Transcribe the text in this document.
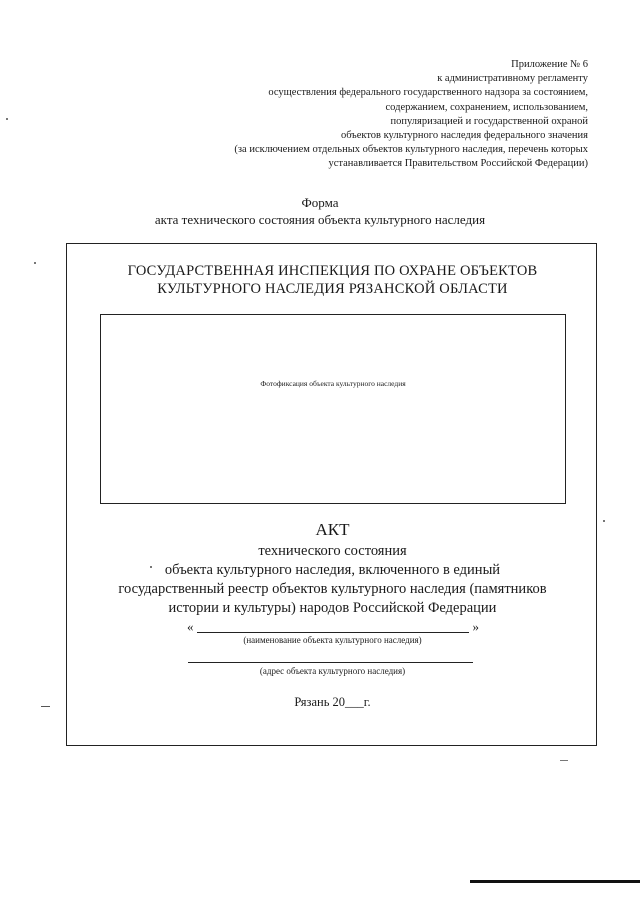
Приложение № 6
к административному регламенту
осуществления федерального государственного надзора за состоянием,
содержанием, сохранением, использованием,
популяризацией и государственной охраной
объектов культурного наследия федерального значения
(за исключением отдельных объектов культурного наследия, перечень которых
устанавливается Правительством Российской Федерации)
Форма
акта технического состояния объекта культурного наследия
ГОСУДАРСТВЕННАЯ ИНСПЕКЦИЯ ПО ОХРАНЕ ОБЪЕКТОВ
КУЛЬТУРНОГО НАСЛЕДИЯ РЯЗАНСКОЙ ОБЛАСТИ
Фотофиксация объекта культурного наследия
АКТ
технического состояния
объекта культурного наследия, включенного в единый
государственный реестр объектов культурного наследия (памятников
истории и культуры) народов Российской Федерации
«	»
(наименование объекта культурного наследия)
(адрес объекта культурного наследия)
Рязань 20___г.
